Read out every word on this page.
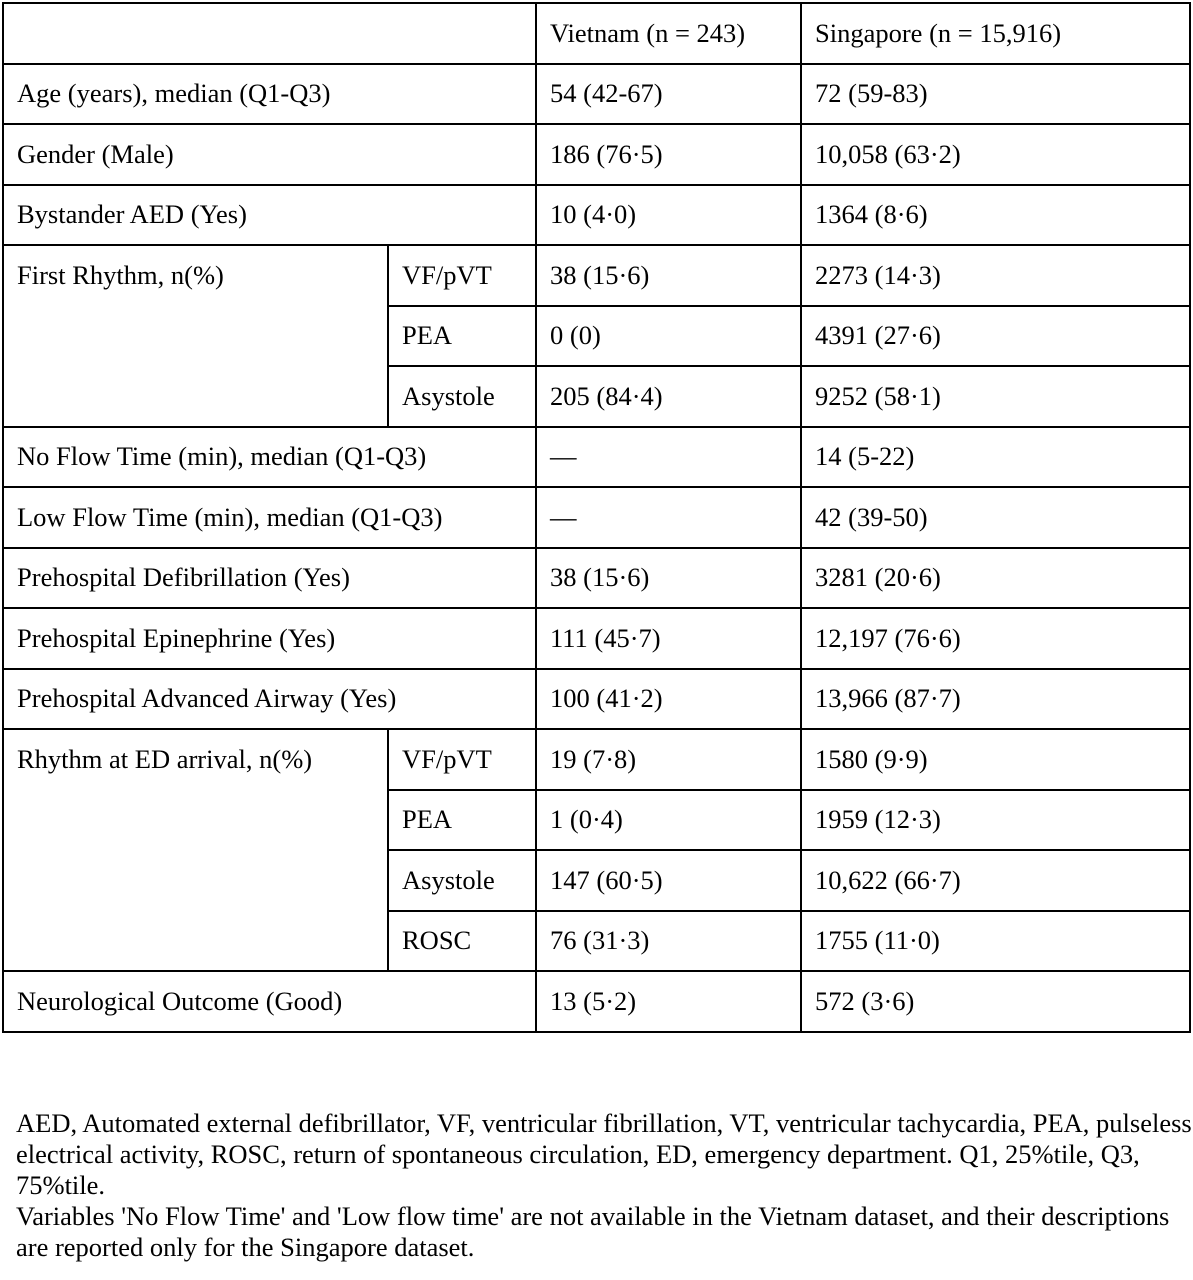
		Vietnam (n = 243)	Singapore (n = 15,916)
Age (years), median (Q1-Q3)		54 (42-67)	72 (59-83)
Gender (Male)		186 (76·5)	10,058 (63·2)
Bystander AED (Yes)		10 (4·0)	1364 (8·6)
First Rhythm, n(%)	VF/pVT	38 (15·6)	2273 (14·3)
	PEA	0 (0)	4391 (27·6)
	Asystole	205 (84·4)	9252 (58·1)
No Flow Time (min), median (Q1-Q3)		—	14 (5-22)
Low Flow Time (min), median (Q1-Q3)		—	42 (39-50)
Prehospital Defibrillation (Yes)		38 (15·6)	3281 (20·6)
Prehospital Epinephrine (Yes)		111 (45·7)	12,197 (76·6)
Prehospital Advanced Airway (Yes)		100 (41·2)	13,966 (87·7)
Rhythm at ED arrival, n(%)	VF/pVT	19 (7·8)	1580 (9·9)
	PEA	1 (0·4)	1959 (12·3)
	Asystole	147 (60·5)	10,622 (66·7)
	ROSC	76 (31·3)	1755 (11·0)
Neurological Outcome (Good)		13 (5·2)	572 (3·6)

AED, Automated external defibrillator, VF, ventricular fibrillation, VT, ventricular tachycardia, PEA, pulseless electrical activity, ROSC, return of spontaneous circulation, ED, emergency department. Q1, 25%tile, Q3, 75%tile.

Variables 'No Flow Time' and 'Low flow time' are not available in the Vietnam dataset, and their descriptions are reported only for the Singapore dataset.
